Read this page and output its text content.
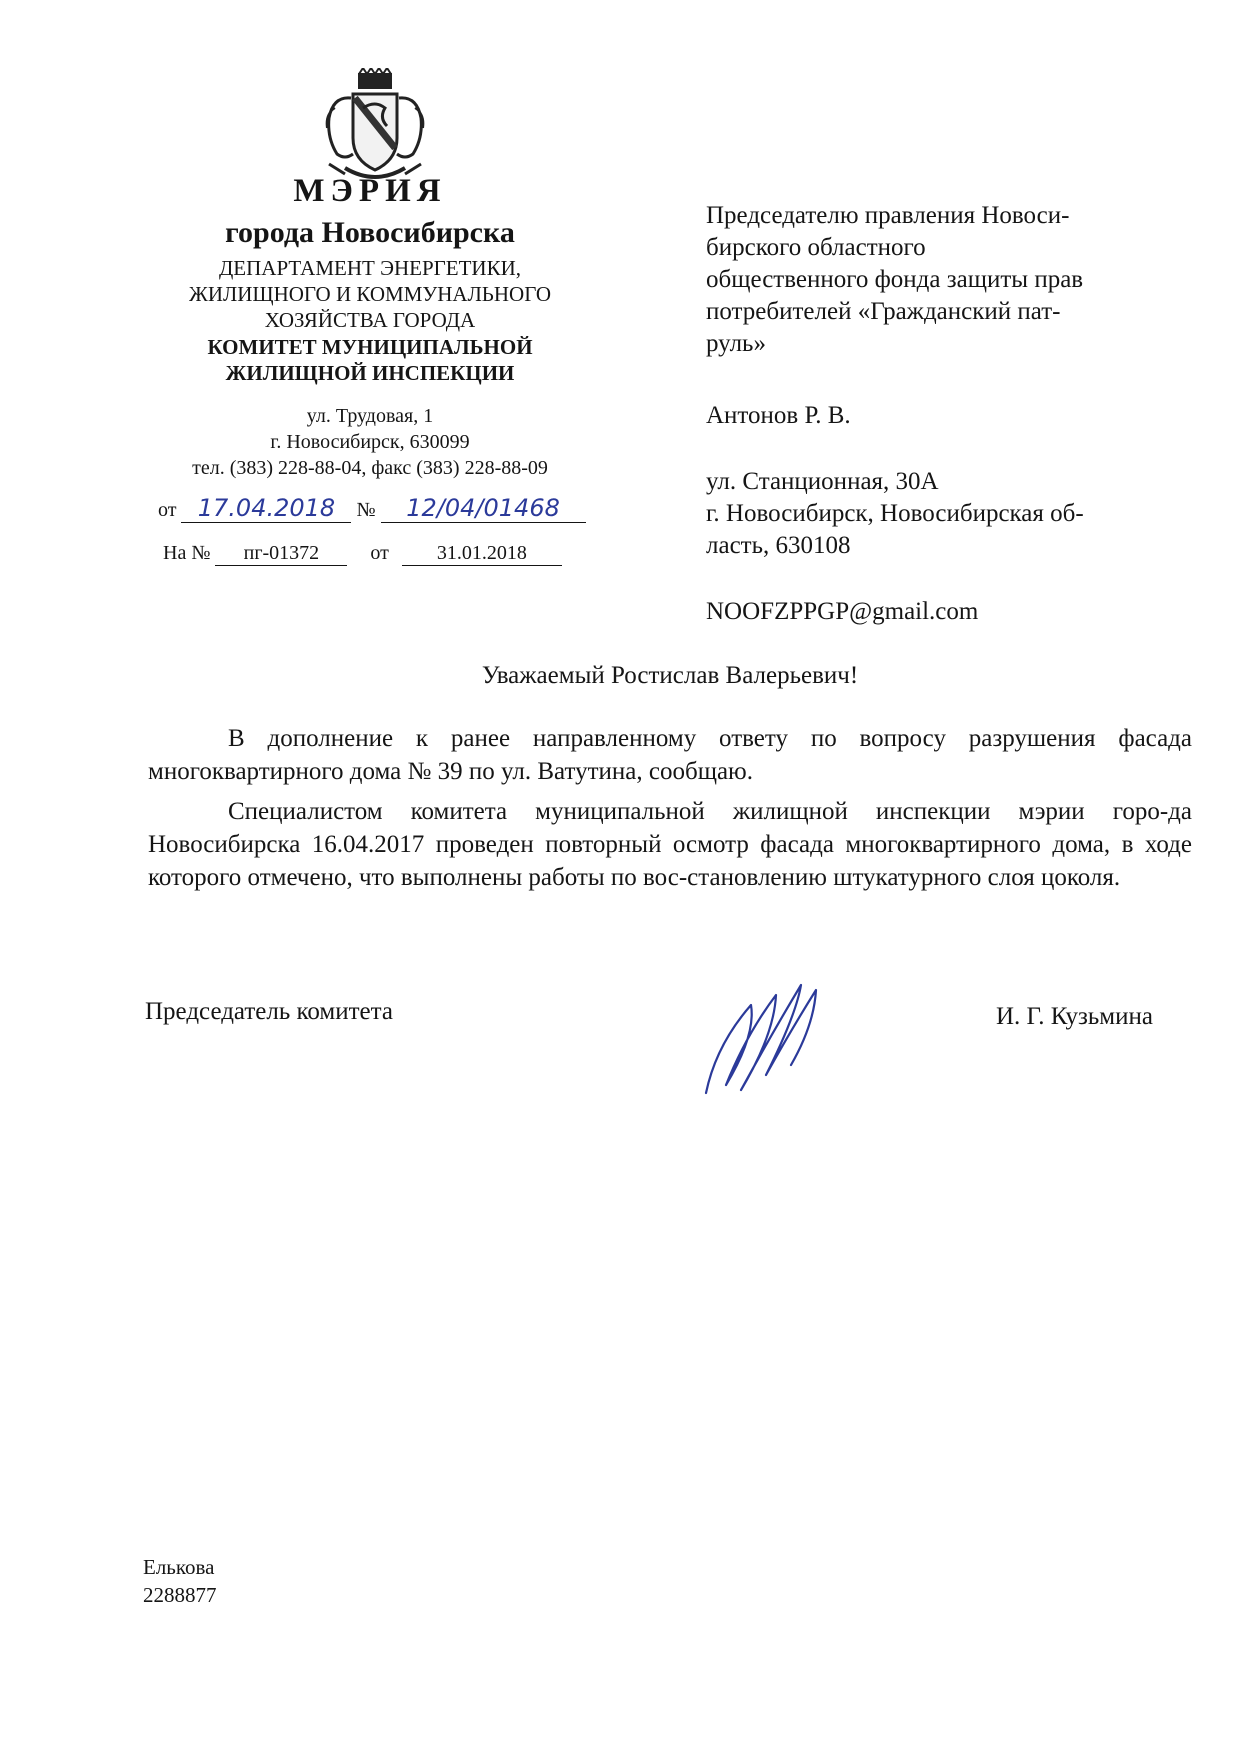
МЭРИЯ
города Новосибирска
ДЕПАРТАМЕНТ ЭНЕРГЕТИКИ,
ЖИЛИЩНОГО И КОММУНАЛЬНОГО
ХОЗЯЙСТВА ГОРОДА
КОМИТЕТ МУНИЦИПАЛЬНОЙ
ЖИЛИЩНОЙ ИНСПЕКЦИИ
ул. Трудовая, 1
г. Новосибирск, 630099
тел. (383) 228-88-04, факс (383) 228-88-09
от 17.04.2018 № 12/04/01468
На № пг-01372	от 31.01.2018
Председателю правления Новоси-
бирского областного
общественного фонда защиты прав
потребителей «Гражданский пат-
руль»
Антонов Р. В.
ул. Станционная, 30А
г. Новосибирск, Новосибирская об-
ласть, 630108
NOOFZPPGP@gmail.com
Уважаемый Ростислав Валерьевич!

В дополнение к ранее направленному ответу по вопросу разрушения фасада многоквартирного дома № 39 по ул. Ватутина, сообщаю.

Специалистом комитета муниципальной жилищной инспекции мэрии горо-да Новосибирска 16.04.2017 проведен повторный осмотр фасада многоквартирного дома, в ходе которого отмечено, что выполнены работы по вос-становлению штукатурного слоя цоколя.

Председатель комитета	И. Г. Кузьмина
Елькова
2288877
